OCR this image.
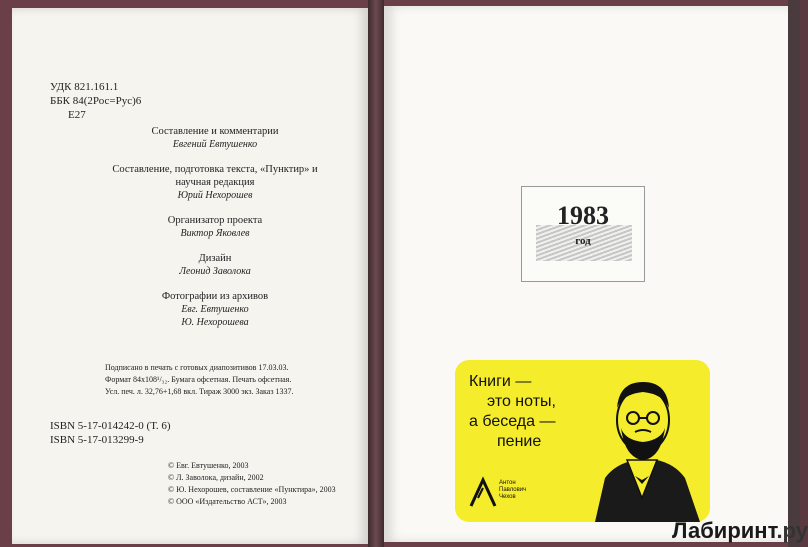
УДК 821.161.1
ББК 84(2Рос=Рус)6
Е27
Составление и комментарии
Евгений Евтушенко
Составление, подготовка текста, «Пунктир» и научная редакция
Юрий Нехорошев
Организатор проекта
Виктор Яковлев
Дизайн
Леонид Заволока
Фотографии из архивов
Евг. Евтушенко
Ю. Нехорошева
Подписано в печать с готовых диапозитивов 17.03.03.
Формат 84x108¹/₃₂. Бумага офсетная. Печать офсетная.
Усл. печ. л. 32,76+1,68 вкл. Тираж 3000 экз. Заказ 1337.
ISBN 5-17-014242-0 (Т. 6)
ISBN 5-17-013299-9
© Евг. Евтушенко, 2003
© Л. Заволока, дизайн, 2002
© Ю. Нехорошев, составление «Пунктира», 2003
© ООО «Издательство АСТ», 2003
1983
год
Книги —
это ноты,
а беседа —
пение
Антон
Павлович
Чехов
Лабиринт.ру
